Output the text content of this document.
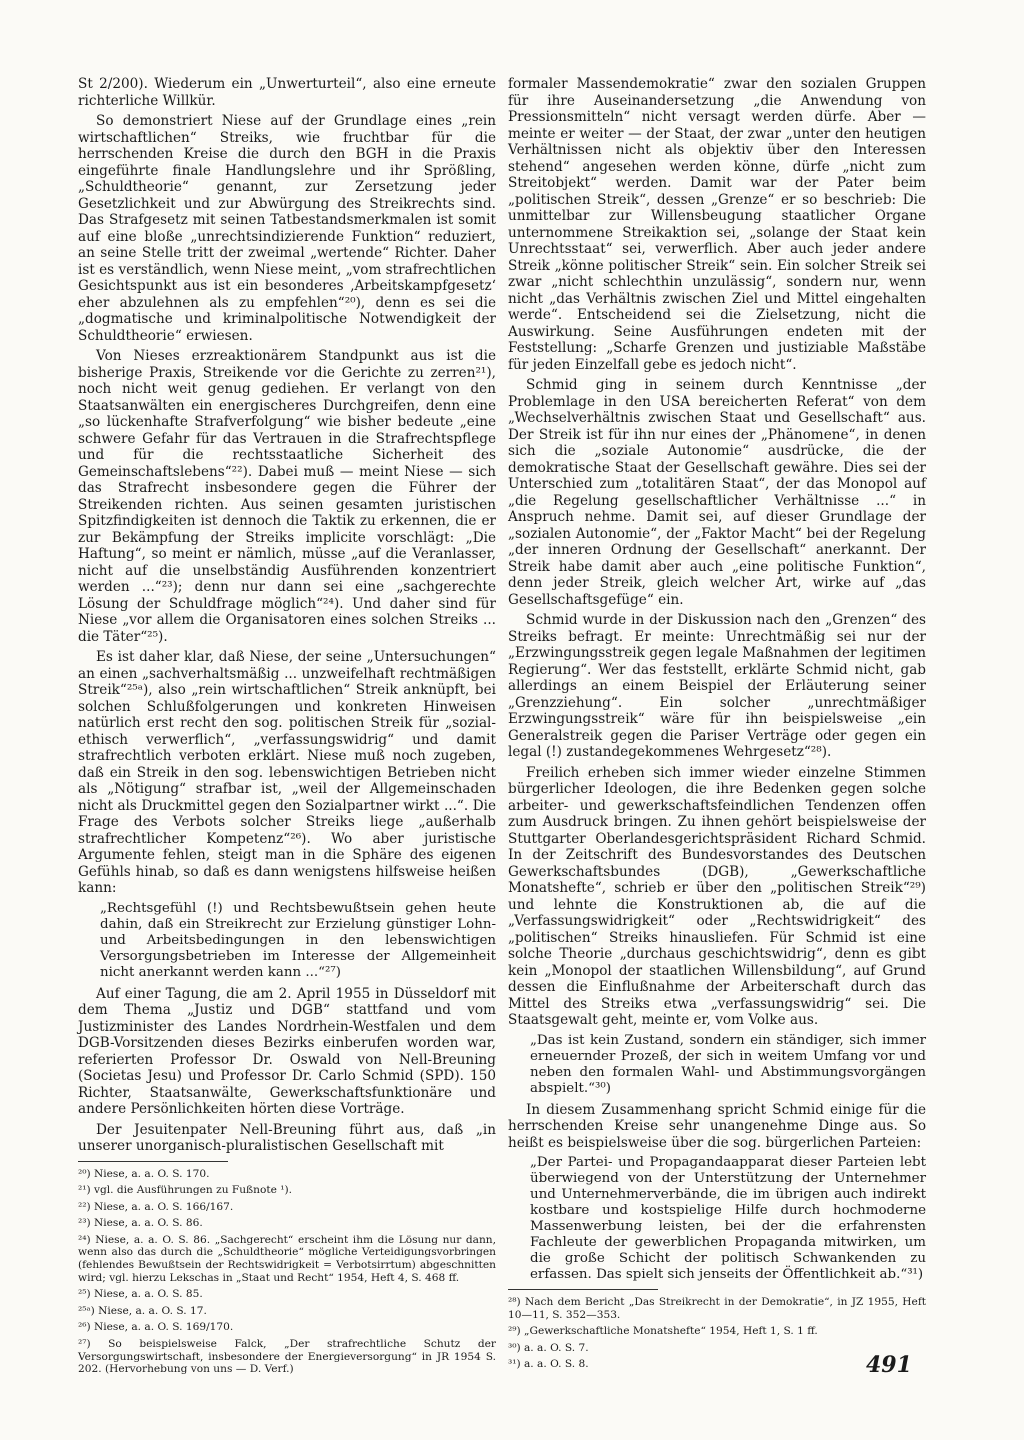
St 2/200). Wiederum ein „Unwerturteil“, also eine erneute richterliche Willkür.

So demonstriert Niese auf der Grundlage eines „rein wirtschaftlichen“ Streiks, wie fruchtbar für die herrschenden Kreise die durch den BGH in die Praxis eingeführte finale Handlungslehre und ihr Sprößling, „Schuldtheorie“ genannt, zur Zersetzung jeder Gesetzlichkeit und zur Abwürgung des Streikrechts sind. Das Strafgesetz mit seinen Tatbestandsmerkmalen ist somit auf eine bloße „unrechtsindizierende Funktion“ reduziert, an seine Stelle tritt der zweimal „wertende“ Richter. Daher ist es verständlich, wenn Niese meint, „vom strafrechtlichen Gesichtspunkt aus ist ein besonderes ‚Arbeitskampfgesetz‘ eher abzulehnen als zu empfehlen“²⁰), denn es sei die „dogmatische und kriminalpolitische Notwendigkeit der Schuldtheorie“ erwiesen.

Von Nieses erzreaktionärem Standpunkt aus ist die bisherige Praxis, Streikende vor die Gerichte zu zerren²¹), noch nicht weit genug gediehen. Er verlangt von den Staatsanwälten ein energischeres Durchgreifen, denn eine „so lückenhafte Strafverfolgung“ wie bisher bedeute „eine schwere Gefahr für das Vertrauen in die Strafrechtspflege und für die rechtsstaatliche Sicherheit des Gemeinschaftslebens“²²). Dabei muß — meint Niese — sich das Strafrecht insbesondere gegen die Führer der Streikenden richten. Aus seinen gesamten juristischen Spitzfindigkeiten ist dennoch die Taktik zu erkennen, die er zur Bekämpfung der Streiks implicite vorschlägt: „Die Haftung“, so meint er nämlich, müsse „auf die Veranlasser, nicht auf die unselbständig Ausführenden konzentriert werden ...“²³); denn nur dann sei eine „sachgerechte Lösung der Schuldfrage möglich“²⁴). Und daher sind für Niese „vor allem die Organisatoren eines solchen Streiks ... die Täter“²⁵).

Es ist daher klar, daß Niese, der seine „Untersuchungen“ an einen „sachverhaltsmäßig ... unzweifelhaft rechtmäßigen Streik“²⁵ᵃ), also „rein wirtschaftlichen“ Streik anknüpft, bei solchen Schlußfolgerungen und konkreten Hinweisen natürlich erst recht den sog. politischen Streik für „sozial-ethisch verwerflich“, „verfassungswidrig“ und damit strafrechtlich verboten erklärt. Niese muß noch zugeben, daß ein Streik in den sog. lebenswichtigen Betrieben nicht als „Nötigung“ strafbar ist, „weil der Allgemeinschaden nicht als Druckmittel gegen den Sozialpartner wirkt ...“. Die Frage des Verbots solcher Streiks liege „außerhalb strafrechtlicher Kompetenz“²⁶). Wo aber juristische Argumente fehlen, steigt man in die Sphäre des eigenen Gefühls hinab, so daß es dann wenigstens hilfsweise heißen kann:

„Rechtsgefühl (!) und Rechtsbewußtsein gehen heute dahin, daß ein Streikrecht zur Erzielung günstiger Lohn- und Arbeitsbedingungen in den lebenswichtigen Versorgungsbetrieben im Interesse der Allgemeinheit nicht anerkannt werden kann ...“²⁷)

Auf einer Tagung, die am 2. April 1955 in Düsseldorf mit dem Thema „Justiz und DGB“ stattfand und vom Justizminister des Landes Nordrhein-Westfalen und dem DGB-Vorsitzenden dieses Bezirks einberufen worden war, referierten Professor Dr. Oswald von Nell-Breuning (Societas Jesu) und Professor Dr. Carlo Schmid (SPD). 150 Richter, Staatsanwälte, Gewerkschaftsfunktionäre und andere Persönlichkeiten hörten diese Vorträge.

Der Jesuitenpater Nell-Breuning führt aus, daß „in unserer unorganisch-pluralistischen Gesellschaft mit

²⁰) Niese, a. a. O. S. 170.
²¹) vgl. die Ausführungen zu Fußnote ¹).
²²) Niese, a. a. O. S. 166/167.
²³) Niese, a. a. O. S. 86.
²⁴) Niese, a. a. O. S. 86. „Sachgerecht“ erscheint ihm die Lösung nur dann, wenn also das durch die „Schuldtheorie“ mögliche Verteidigungsvorbringen (fehlendes Bewußtsein der Rechtswidrigkeit = Verbotsirrtum) abgeschnitten wird; vgl. hierzu Lekschas in „Staat und Recht“ 1954, Heft 4, S. 468 ff.
²⁵) Niese, a. a. O. S. 85.
²⁵ᵃ) Niese, a. a. O. S. 17.
²⁶) Niese, a. a. O. S. 169/170.
²⁷) So beispielsweise Falck, „Der strafrechtliche Schutz der Versorgungswirtschaft, insbesondere der Energieversorgung“ in JR 1954 S. 202. (Hervorhebung von uns — D. Verf.)

formaler Massendemokratie“ zwar den sozialen Gruppen für ihre Auseinandersetzung „die Anwendung von Pressionsmitteln“ nicht versagt werden dürfe. Aber — meinte er weiter — der Staat, der zwar „unter den heutigen Verhältnissen nicht als objektiv über den Interessen stehend“ angesehen werden könne, dürfe „nicht zum Streitobjekt“ werden. Damit war der Pater beim „politischen Streik“, dessen „Grenze“ er so beschrieb: Die unmittelbar zur Willensbeugung staatlicher Organe unternommene Streikaktion sei, „solange der Staat kein Unrechtsstaat“ sei, verwerflich. Aber auch jeder andere Streik „könne politischer Streik“ sein. Ein solcher Streik sei zwar „nicht schlechthin unzulässig“, sondern nur, wenn nicht „das Verhältnis zwischen Ziel und Mittel eingehalten werde“. Entscheidend sei die Zielsetzung, nicht die Auswirkung. Seine Ausführungen endeten mit der Feststellung: „Scharfe Grenzen und justiziable Maßstäbe für jeden Einzelfall gebe es jedoch nicht“.

Schmid ging in seinem durch Kenntnisse „der Problemlage in den USA bereicherten Referat“ von dem „Wechselverhältnis zwischen Staat und Gesellschaft“ aus. Der Streik ist für ihn nur eines der „Phänomene“, in denen sich die „soziale Autonomie“ ausdrücke, die der demokratische Staat der Gesellschaft gewähre. Dies sei der Unterschied zum „totalitären Staat“, der das Monopol auf „die Regelung gesellschaftlicher Verhältnisse ...“ in Anspruch nehme. Damit sei, auf dieser Grundlage der „sozialen Autonomie“, der „Faktor Macht“ bei der Regelung „der inneren Ordnung der Gesellschaft“ anerkannt. Der Streik habe damit aber auch „eine politische Funktion“, denn jeder Streik, gleich welcher Art, wirke auf „das Gesellschaftsgefüge“ ein.

Schmid wurde in der Diskussion nach den „Grenzen“ des Streiks befragt. Er meinte: Unrechtmäßig sei nur der „Erzwingungsstreik gegen legale Maßnahmen der legitimen Regierung“. Wer das feststellt, erklärte Schmid nicht, gab allerdings an einem Beispiel der Erläuterung seiner „Grenzziehung“. Ein solcher „unrechtmäßiger Erzwingungsstreik“ wäre für ihn beispielsweise „ein Generalstreik gegen die Pariser Verträge oder gegen ein legal (!) zustandegekommenes Wehrgesetz“²⁸).

Freilich erheben sich immer wieder einzelne Stimmen bürgerlicher Ideologen, die ihre Bedenken gegen solche arbeiter- und gewerkschaftsfeindlichen Tendenzen offen zum Ausdruck bringen. Zu ihnen gehört beispielsweise der Stuttgarter Oberlandesgerichtspräsident Richard Schmid. In der Zeitschrift des Bundesvorstandes des Deutschen Gewerkschaftsbundes (DGB), „Gewerkschaftliche Monatshefte“, schrieb er über den „politischen Streik“²⁹) und lehnte die Konstruktionen ab, die auf die „Verfassungswidrigkeit“ oder „Rechtswidrigkeit“ des „politischen“ Streiks hinausliefen. Für Schmid ist eine solche Theorie „durchaus geschichtswidrig“, denn es gibt kein „Monopol der staatlichen Willensbildung“, auf Grund dessen die Einflußnahme der Arbeiterschaft durch das Mittel des Streiks etwa „verfassungswidrig“ sei. Die Staatsgewalt geht, meinte er, vom Volke aus.

„Das ist kein Zustand, sondern ein ständiger, sich immer erneuernder Prozeß, der sich in weitem Umfang vor und neben den formalen Wahl- und Abstimmungsvorgängen abspielt.“³⁰)

In diesem Zusammenhang spricht Schmid einige für die herrschenden Kreise sehr unangenehme Dinge aus. So heißt es beispielsweise über die sog. bürgerlichen Parteien:

„Der Partei- und Propagandaapparat dieser Parteien lebt überwiegend von der Unterstützung der Unternehmer und Unternehmerverbände, die im übrigen auch indirekt kostbare und kostspielige Hilfe durch hochmoderne Massenwerbung leisten, bei der die erfahrensten Fachleute der gewerblichen Propaganda mitwirken, um die große Schicht der politisch Schwankenden zu erfassen. Das spielt sich jenseits der Öffentlichkeit ab.“³¹)
²⁸) Nach dem Bericht „Das Streikrecht in der Demokratie“, in JZ 1955, Heft 10—11, S. 352—353.
²⁹) „Gewerkschaftliche Monatshefte“ 1954, Heft 1, S. 1 ff.
³⁰) a. a. O. S. 7.
³¹) a. a. O. S. 8.	491
